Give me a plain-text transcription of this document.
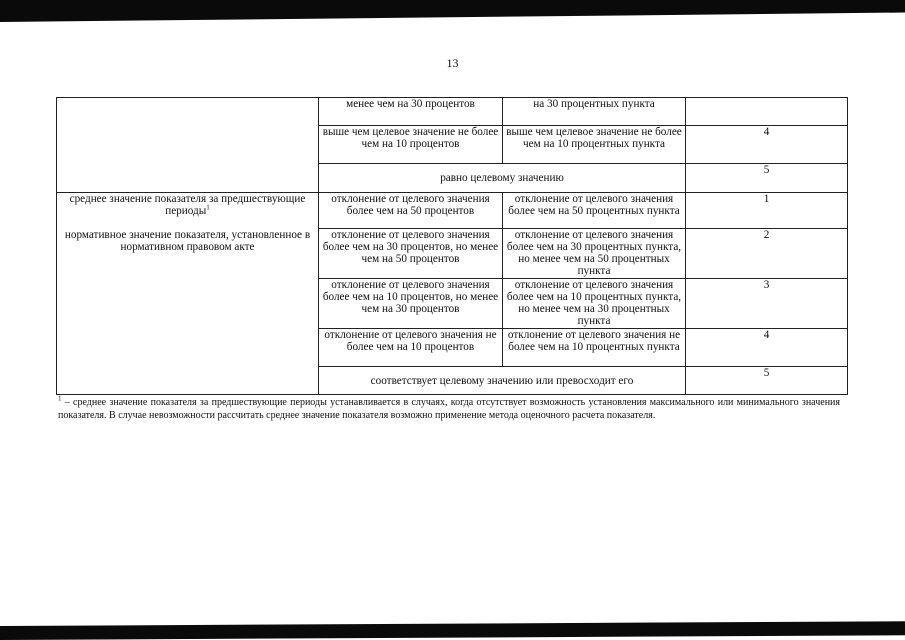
13
	менее чем на 30 процентов	на 30 процентных пункта	
	выше чем целевое значение не более чем на 10 процентов	выше чем целевое значение не более чем на 10 процентных пункта	4
	равно целевому значению		5

среднее значение показателя за предшествующие периоды$^1$
нормативное значение показателя, установленное в нормативном правовом акте	отклонение от целевого значения более чем на 50 процентов	отклонение от целевого значения более чем на 50 процентных пункта	1
	отклонение от целевого значения более чем на 30 процентов, но менее чем на 50 процентов	отклонение от целевого значения более чем на 30 процентных пункта, но менее чем на 50 процентных пункта	2
	отклонение от целевого значения более чем на 10 процентов, но менее чем на 30 процентов	отклонение от целевого значения более чем на 10 процентных пункта, но менее чем на 30 процентных пункта	3
	отклонение от целевого значения не более чем на 10 процентов	отклонение от целевого значения не более чем на 10 процентных пункта	4
	соответствует целевому значению или превосходит его		5
$^1$ – среднее значение показателя за предшествующие периоды устанавливается в случаях, когда отсутствует возможность установления максимального или минимального значения показателя. В случае невозможности рассчитать среднее значение показателя возможно применение метода оценочного расчета показателя.
